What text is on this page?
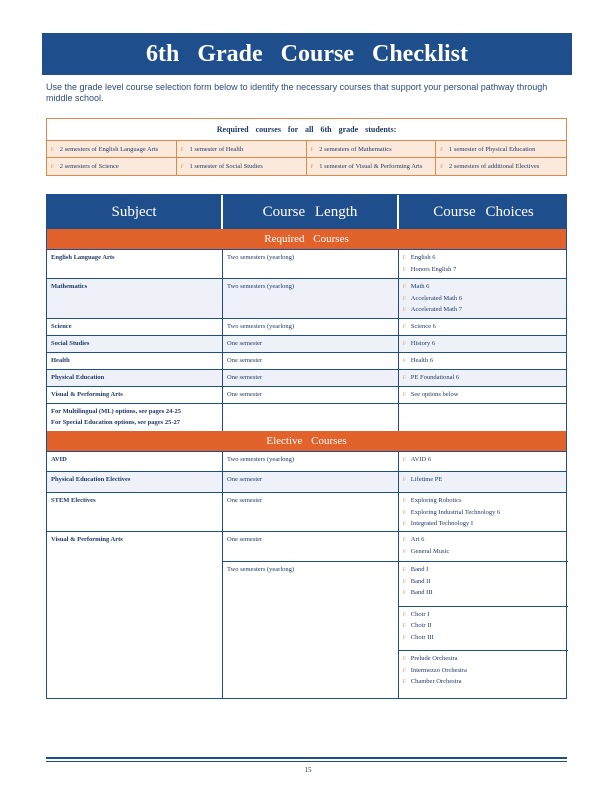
6th Grade Course Checklist
Use the grade level course selection form below to identify the necessary courses that support your personal pathway through middle school.
Required courses for all 6th grade students:
F 2 semesters of English Language Arts	F 1 semester of Health	F 2 semesters of Mathematics	F 1 semester of Physical Education
F 2 semesters of Science	F 1 semester of Social Studies	F 1 semester of Visual & Performing Arts	F 2 semesters of additional Electives
Subject	Course Length	Course Choices
Required Courses
English Language Arts	Two semesters (yearlong)	F English 6
F Honors English 7
Mathematics	Two semesters (yearlong)	F Math 6
F Accelerated Math 6
F Accelerated Math 7
Science	Two semesters (yearlong)	F Science 6
Social Studies	One semester	F History 6
Health	One semester	F Health 6
Physical Education	One semester	F PE Foundational 6
Visual & Performing Arts	One semester	F See options below
For Multilingual (ML) options, see pages 24-25
For Special Education options, see pages 25-27
Elective Courses
AVID	Two semesters (yearlong)	F AVID 6
Physical Education Electives	One semester	F Lifetime PE
STEM Electives	One semester	F Exploring Robotics
F Exploring Industrial Technology 6
F Integrated Technology I
Visual & Performing Arts	One semester	F Art 6
F General Music
Two semesters (yearlong)	F Band I
F Band II
F Band III
F Choir I
F Choir II
F Choir III
F Prelude Orchestra
F Intermezzo Orchestra
F Chamber Orchestra
15
